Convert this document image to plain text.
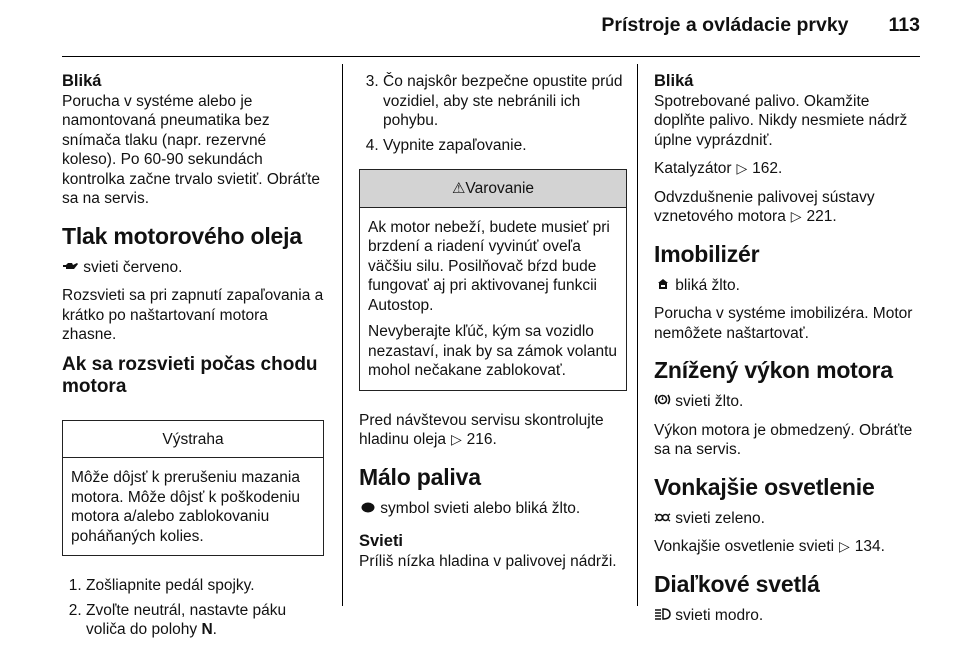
Prístroje a ovládacie prvky 113
Bliká
Porucha v systéme alebo je namontovaná pneumatika bez snímača tlaku (napr. rezervné koleso). Po 60-90 sekundách kontrolka začne trvalo svietiť. Obráťte sa na servis.
Tlak motorového oleja

svieti červeno.

Rozsvieti sa pri zapnutí zapaľovania a krátko po naštartovaní motora zhasne.

Ak sa rozsvieti počas chodu motora
Výstraha
Môže dôjsť k prerušeniu mazania motora. Môže dôjsť k poškodeniu motora a/alebo zablokovaniu poháňaných kolies.
1. Zošliapnite pedál spojky.
2. Zvoľte neutrál, nastavte páku voliča do polohy N.
3. Čo najskôr bezpečne opustite prúd vozidiel, aby ste nebránili ich pohybu.
4. Vypnite zapaľovanie.
⚠Varovanie

Ak motor nebeží, budete musieť pri brzdení a riadení vyvinúť oveľa väčšiu silu. Posilňovač bŕzd bude fungovať aj pri aktivovanej funkcii Autostop.

Nevyberajte kľúč, kým sa vozidlo nezastaví, inak by sa zámok volantu mohol nečakane zablokovať.

Pred návštevou servisu skontrolujte hladinu oleja ▷ 216.

Málo paliva

symbol svieti alebo bliká žlto.

Svieti
Príliš nízka hladina v palivovej nádrži.
Bliká
Spotrebované palivo. Okamžite doplňte palivo. Nikdy nesmiete nádrž úplne vyprázdniť.

Katalyzátor ▷ 162.

Odvzdušnenie palivovej sústavy vznetového motora ▷ 221.

Imobilizér

bliká žlto.

Porucha v systéme imobilizéra. Motor nemôžete naštartovať.

Znížený výkon motora

svieti žlto.

Výkon motora je obmedzený. Obráťte sa na servis.

Vonkajšie osvetlenie

svieti zeleno.

Vonkajšie osvetlenie svieti ▷ 134.

Diaľkové svetlá

svieti modro.
